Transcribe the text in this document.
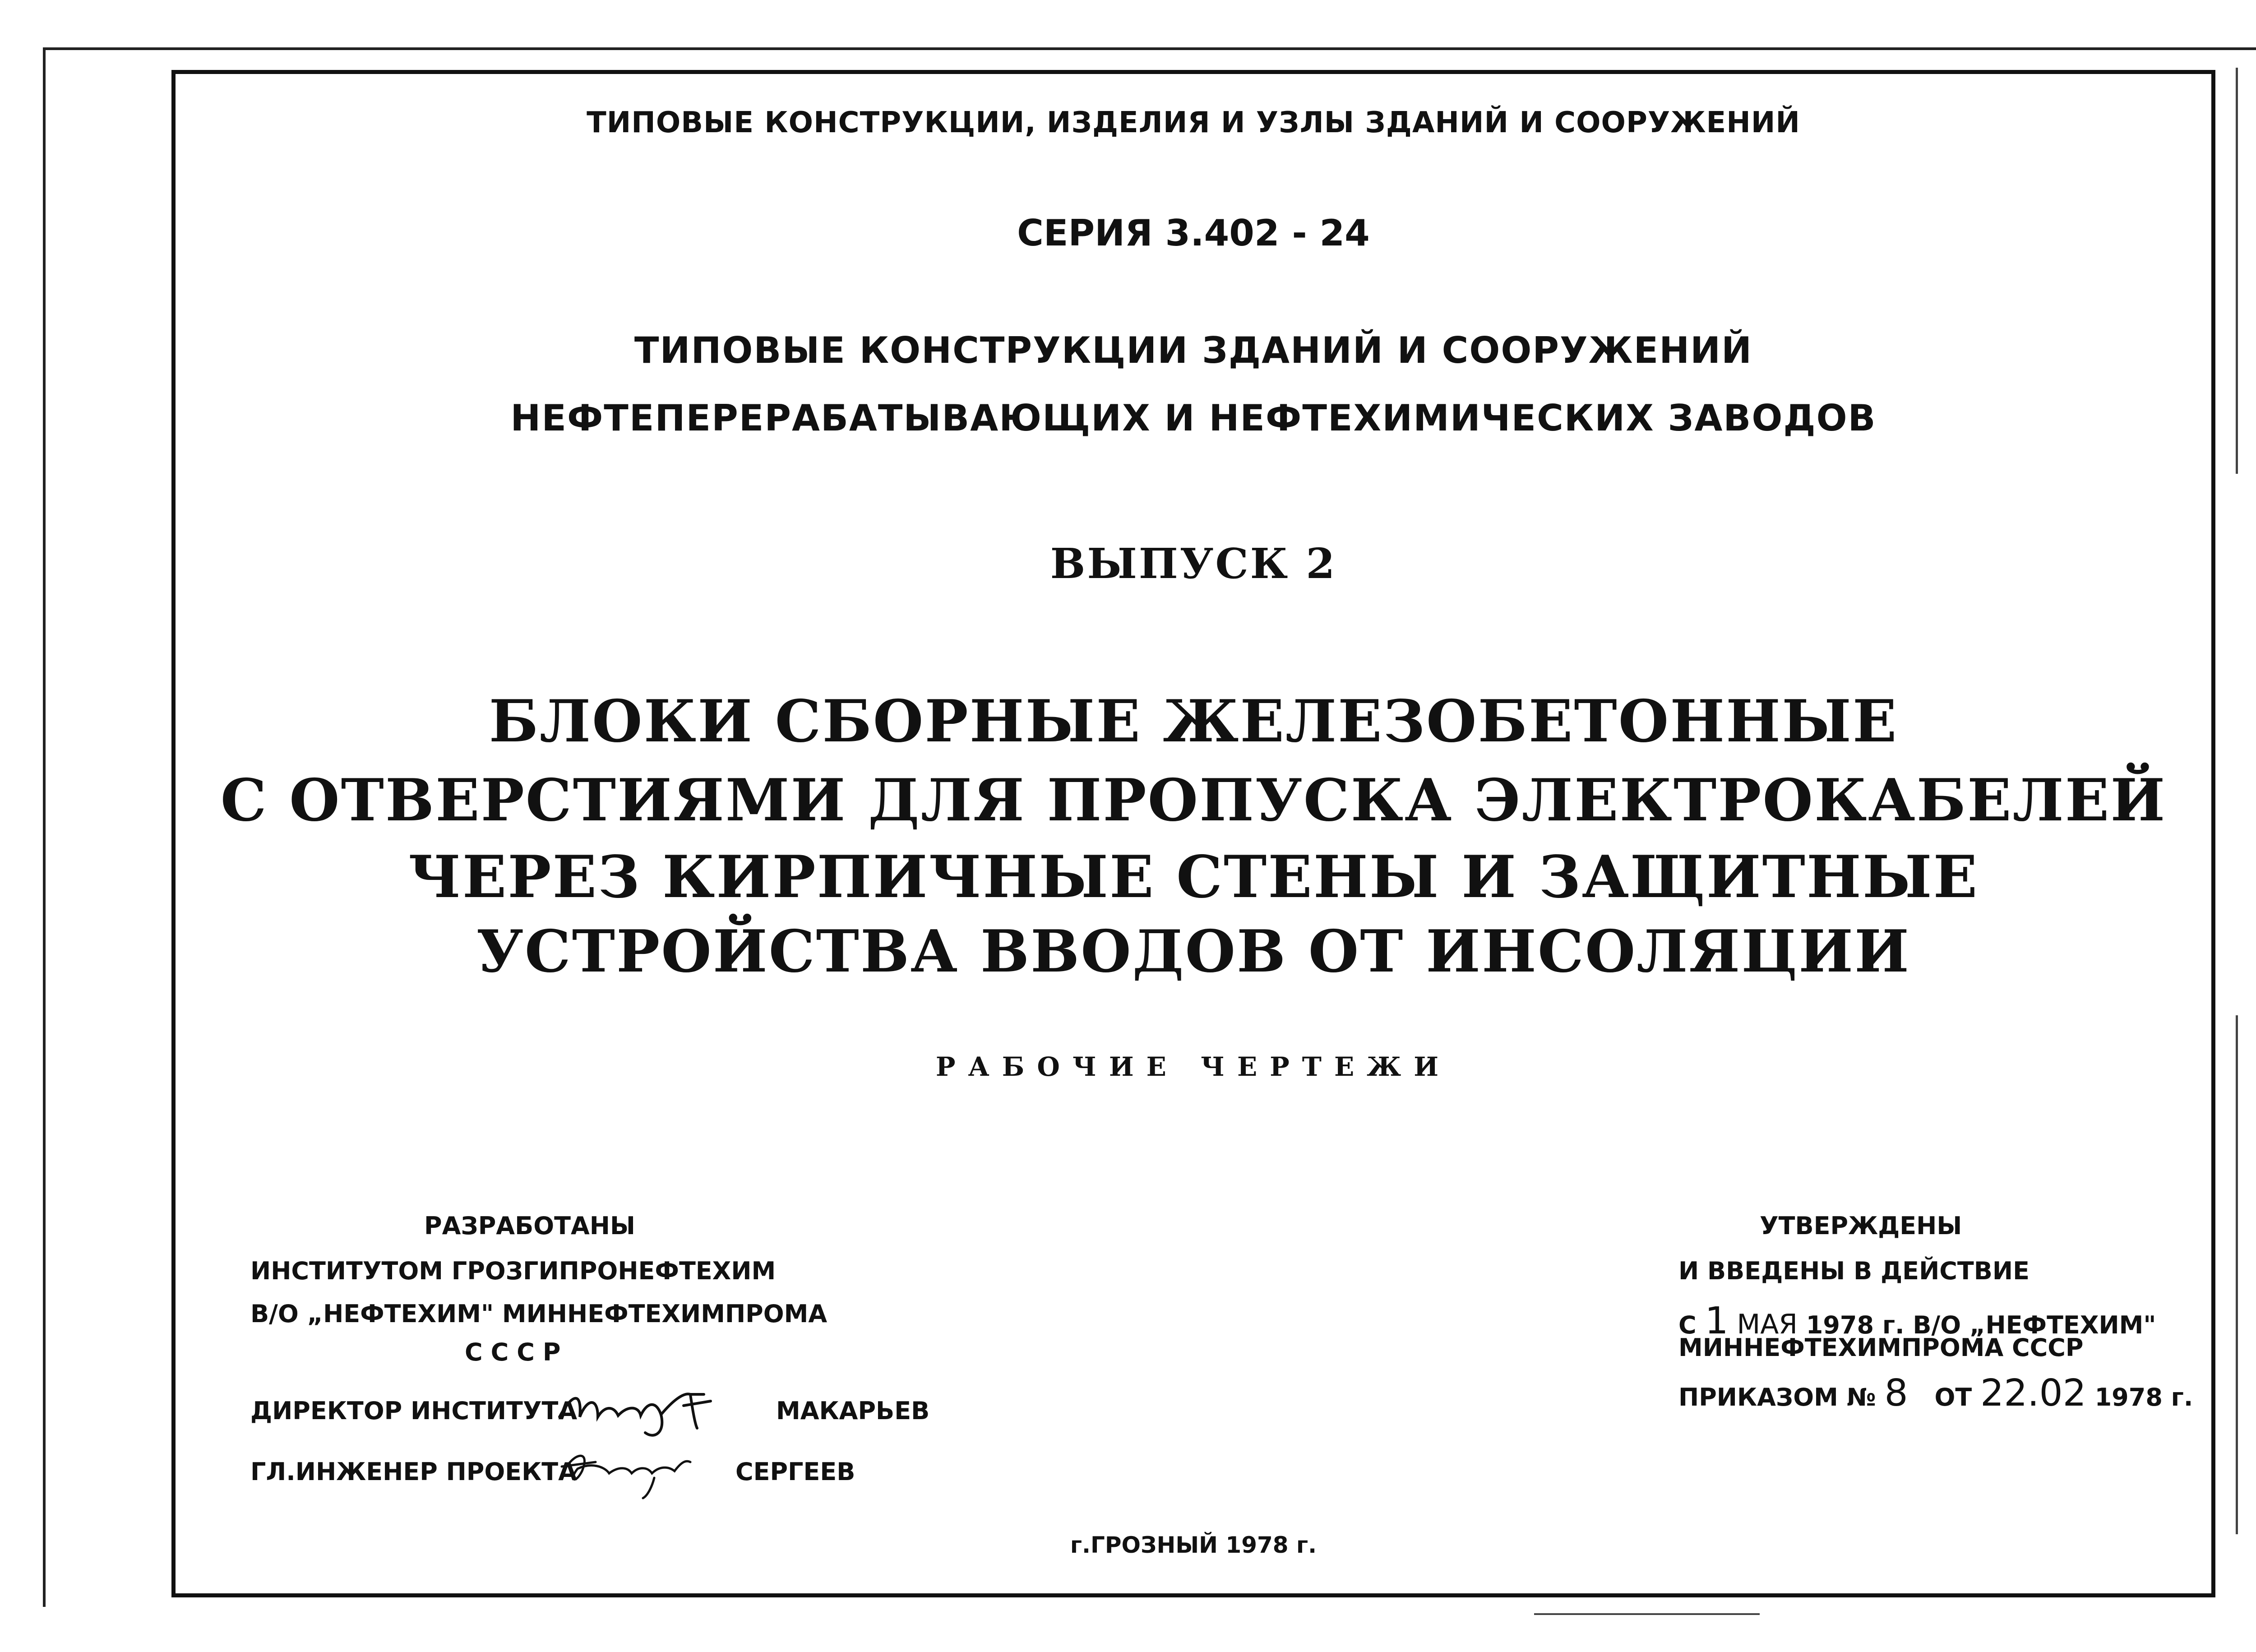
ТИПОВЫЕ КОНСТРУКЦИИ, ИЗДЕЛИЯ И УЗЛЫ ЗДАНИЙ И СООРУЖЕНИЙ
СЕРИЯ 3.402 - 24
ТИПОВЫЕ КОНСТРУКЦИИ ЗДАНИЙ И СООРУЖЕНИЙ
НЕФТЕПЕРЕРАБАТЫВАЮЩИХ И НЕФТЕХИМИЧЕСКИХ ЗАВОДОВ
ВЫПУСК 2
БЛОКИ СБОРНЫЕ ЖЕЛЕЗОБЕТОННЫЕ
С ОТВЕРСТИЯМИ ДЛЯ ПРОПУСКА ЭЛЕКТРОКАБЕЛЕЙ
ЧЕРЕЗ КИРПИЧНЫЕ СТЕНЫ И ЗАЩИТНЫЕ
УСТРОЙСТВА ВВОДОВ ОТ ИНСОЛЯЦИИ
РАБОЧИЕ ЧЕРТЕЖИ
РАЗРАБОТАНЫ
ИНСТИТУТОМ ГРОЗГИПРОНЕФТЕХИМ
В/О „НЕФТЕХИМ" МИННЕФТЕХИМПРОМА
СССР
ДИРЕКТОР ИНСТИТУТА	МАКАРЬЕВ
ГЛ.ИНЖЕНЕР ПРОЕКТА	СЕРГЕЕВ
УТВЕРЖДЕНЫ
И ВВЕДЕНЫ В ДЕЙСТВИЕ
С 1 МАЯ 1978 г. В/О „НЕФТЕХИМ"
МИННЕФТЕХИМПРОМА СССР
ПРИКАЗОМ № 8 ОТ 22.02 1978 г.
г.ГРОЗНЫЙ 1978 г.
